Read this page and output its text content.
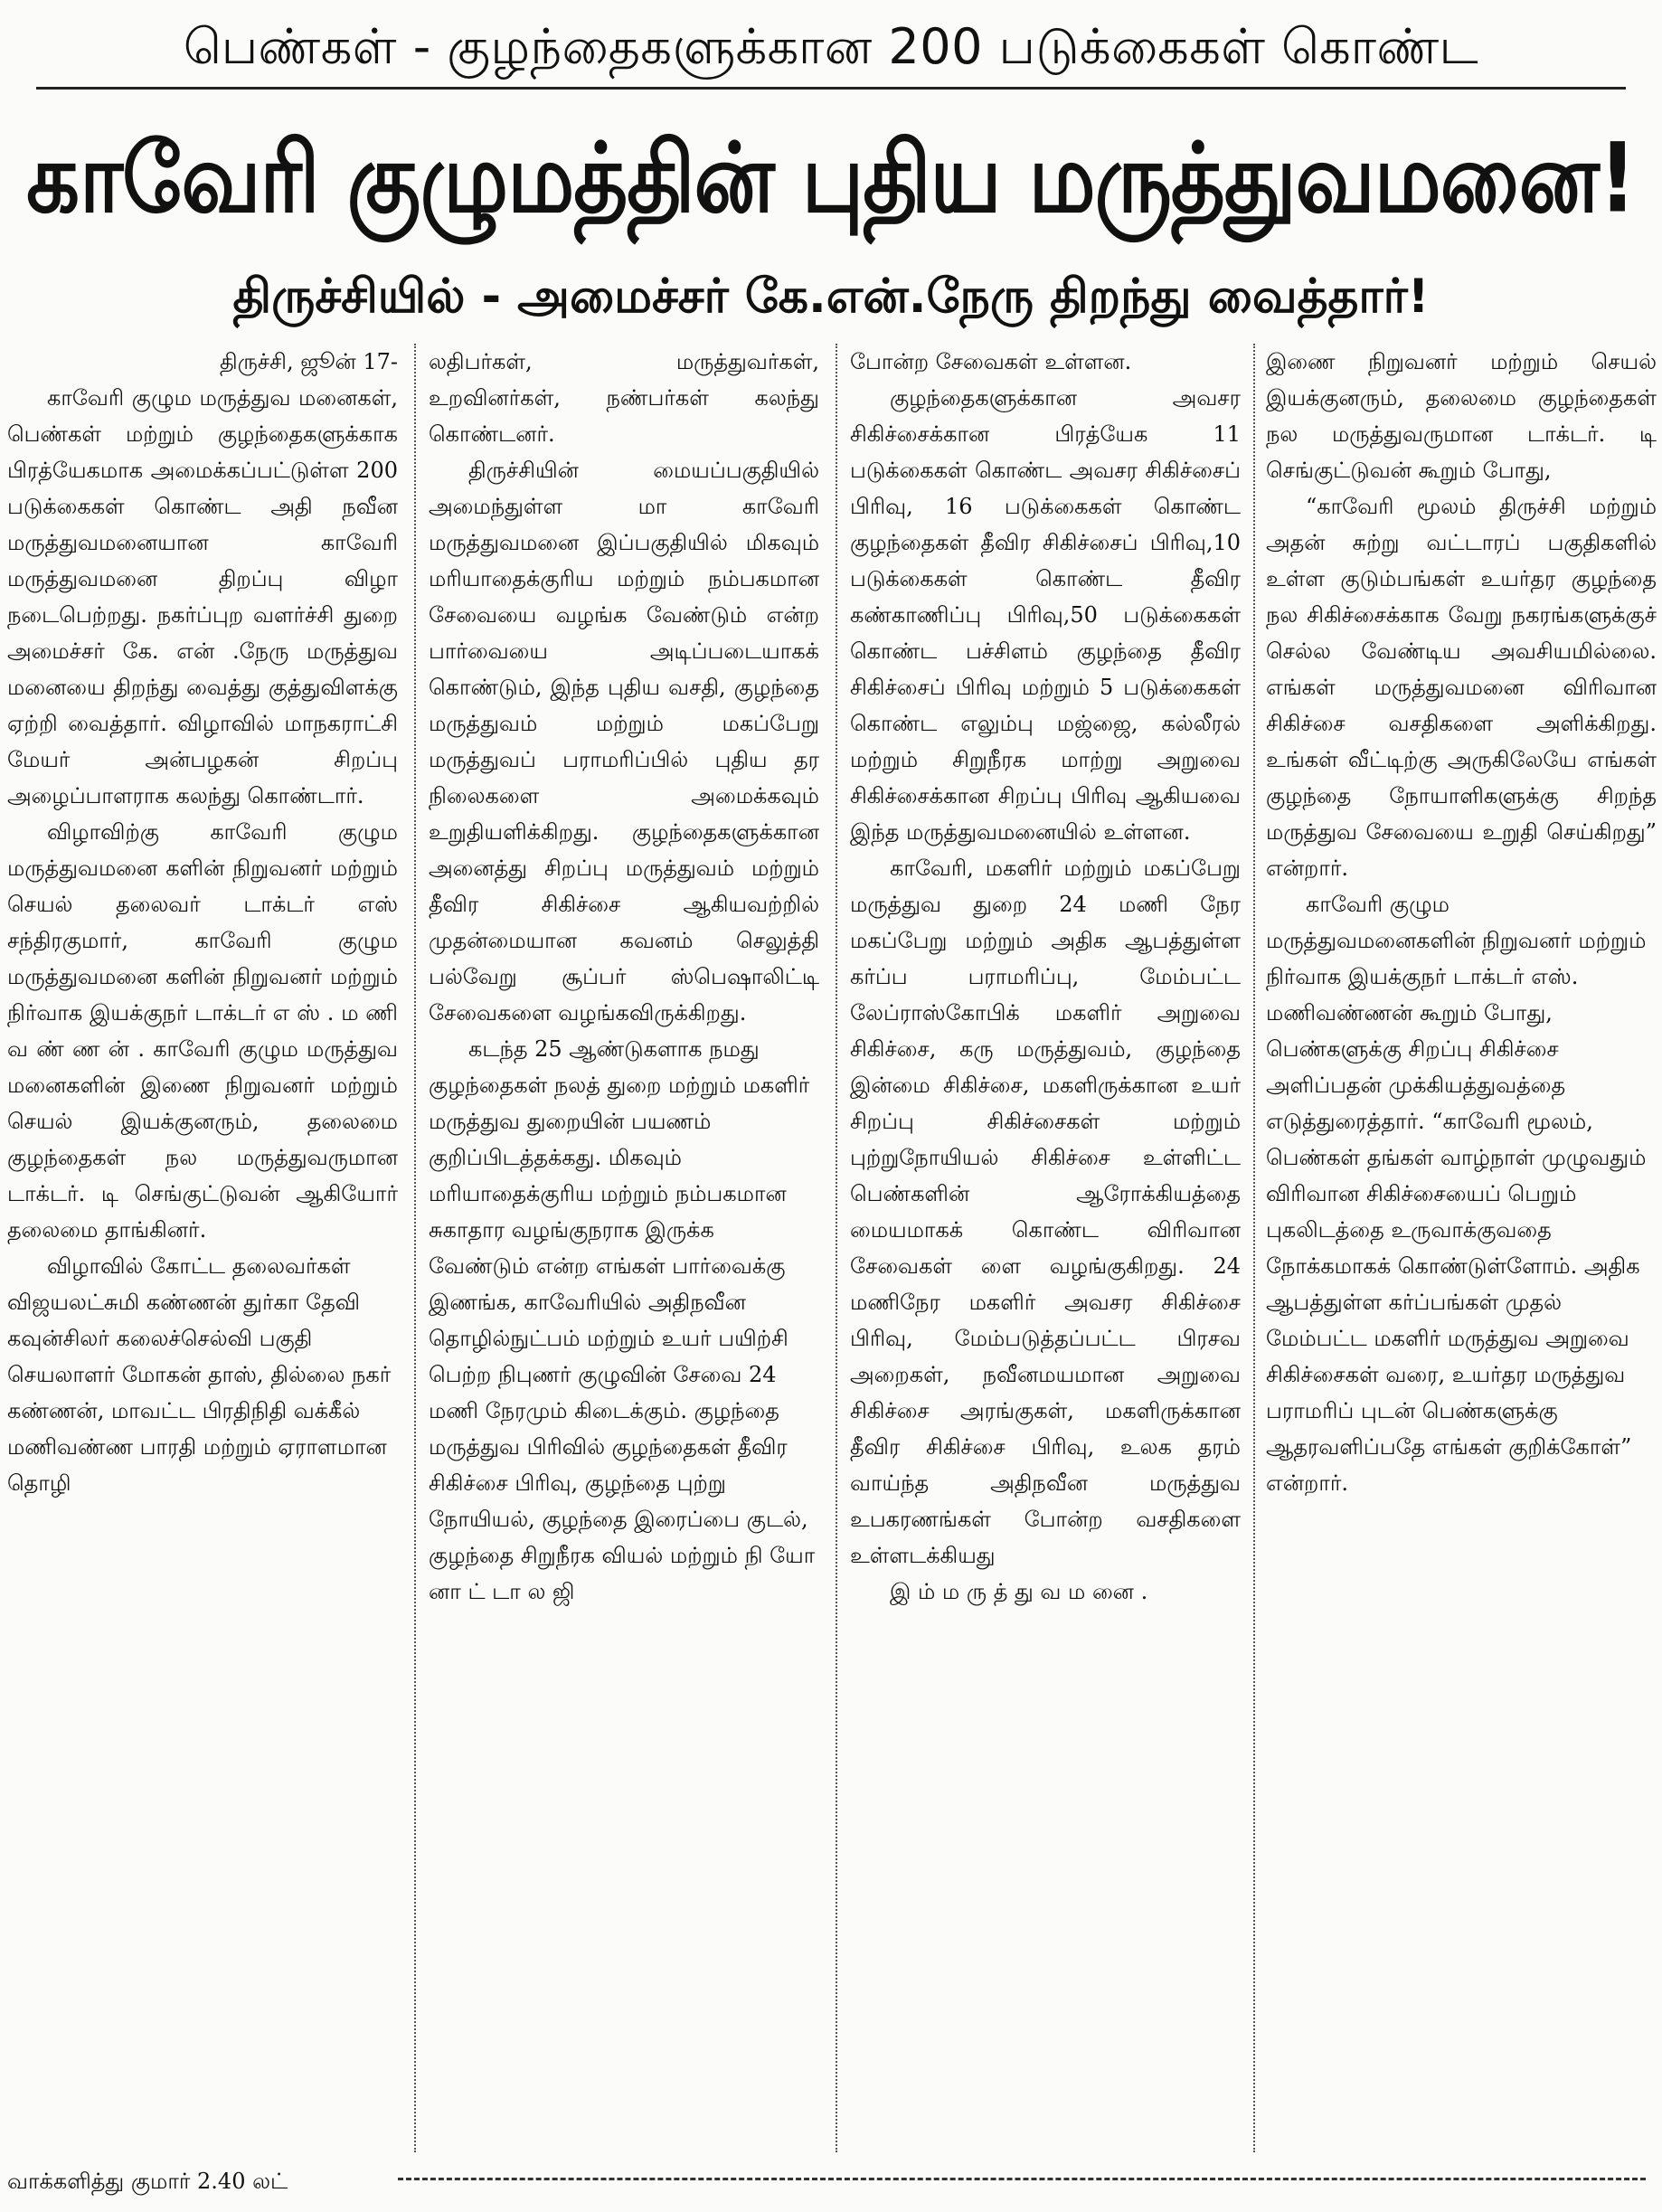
பெண்கள் - குழந்தைகளுக்கான 200 படுக்கைகள் கொண்ட
காவேரி குழுமத்தின் புதிய மருத்துவமனை!
திருச்சியில் - அமைச்சர் கே.என்.நேரு திறந்து வைத்தார்!

திருச்சி, ஜூன் 17-

காவேரி குழும மருத்துவ மனைகள், பெண்கள் மற்றும் குழந்தைகளுக்காக பிரத்யேகமாக அமைக்கப்பட்டுள்ள 200 படுக்கைகள் கொண்ட அதி நவீன மருத்துவமனையான காவேரி மருத்துவமனை திறப்பு விழா நடைபெற்றது. நகர்ப்புற வளர்ச்சி துறை அமைச்சர் கே. என் .நேரு மருத்துவ மனையை திறந்து வைத்து குத்துவிளக்கு ஏற்றி வைத்தார். விழாவில் மாநகராட்சி மேயர் அன்பழகன் சிறப்பு அழைப்பாளராக கலந்து கொண்டார்.

விழாவிற்கு காவேரி குழும மருத்துவமனை களின் நிறுவனர் மற்றும் செயல் தலைவர் டாக்டர் எஸ் சந்திரகுமார், காவேரி குழும மருத்துவமனை களின் நிறுவனர் மற்றும் நிர்வாக இயக்குநர் டாக்டர் எ ஸ் . ம ணி வ ண் ண ன் . காவேரி குழும மருத்துவ மனைகளின் இணை நிறுவனர் மற்றும் செயல் இயக்குனரும், தலைமை குழந்தைகள் நல மருத்துவருமான டாக்டர். டி செங்குட்டுவன் ஆகியோர் தலைமை தாங்கினர்.

விழாவில் கோட்ட தலைவர்கள் விஜயலட்சுமி கண்ணன் துர்கா தேவி கவுன்சிலர் கலைச்செல்வி பகுதி செயலாளர் மோகன் தாஸ், தில்லை நகர் கண்ணன், மாவட்ட பிரதிநிதி வக்கீல் மணிவண்ண பாரதி மற்றும் ஏராளமான தொழி

லதிபர்கள், மருத்துவர்கள், உறவினர்கள், நண்பர்கள் கலந்து கொண்டனர்.

திருச்சியின் மையப்பகுதியில் அமைந்துள்ள மா காவேரி மருத்துவமனை இப்பகுதியில் மிகவும் மரியாதைக்குரிய மற்றும் நம்பகமான சேவையை வழங்க வேண்டும் என்ற பார்வையை அடிப்படையாகக் கொண்டும், இந்த புதிய வசதி, குழந்தை மருத்துவம் மற்றும் மகப்பேறு மருத்துவப் பராமரிப்பில் புதிய தர நிலைகளை அமைக்கவும் உறுதியளிக்கிறது. குழந்தைகளுக்கான அனைத்து சிறப்பு மருத்துவம் மற்றும் தீவிர சிகிச்சை ஆகியவற்றில் முதன்மையான கவனம் செலுத்தி பல்வேறு சூப்பர் ஸ்பெஷாலிட்டி சேவைகளை வழங்கவிருக்கிறது.

கடந்த 25 ஆண்டுகளாக நமது குழந்தைகள் நலத் துறை மற்றும் மகளிர் மருத்துவ துறையின் பயணம் குறிப்பிடத்தக்கது. மிகவும் மரியாதைக்குரிய மற்றும் நம்பகமான சுகாதார வழங்குநராக இருக்க வேண்டும் என்ற எங்கள் பார்வைக்கு இணங்க, காவேரியில் அதிநவீன தொழில்நுட்பம் மற்றும் உயர் பயிற்சி பெற்ற நிபுணர் குழுவின் சேவை 24 மணி நேரமும் கிடைக்கும். குழந்தை மருத்துவ பிரிவில் குழந்தைகள் தீவிர சிகிச்சை பிரிவு, குழந்தை புற்று நோயியல், குழந்தை இரைப்பை குடல், குழந்தை சிறுநீரக வியல் மற்றும் நி யோ னா ட் டா ல ஜி

போன்ற சேவைகள் உள்ளன.

குழந்தைகளுக்கான அவசர சிகிச்சைக்கான பிரத்யேக 11 படுக்கைகள் கொண்ட அவசர சிகிச்சைப் பிரிவு, 16 படுக்கைகள் கொண்ட குழந்தைகள் தீவிர சிகிச்சைப் பிரிவு,10 படுக்கைகள் கொண்ட தீவிர கண்காணிப்பு பிரிவு,50 படுக்கைகள் கொண்ட பச்சிளம் குழந்தை தீவிர சிகிச்சைப் பிரிவு மற்றும் 5 படுக்கைகள் கொண்ட எலும்பு மஜ்ஜை, கல்லீரல் மற்றும் சிறுநீரக மாற்று அறுவை சிகிச்சைக்கான சிறப்பு பிரிவு ஆகியவை இந்த மருத்துவமனையில் உள்ளன.

காவேரி, மகளிர் மற்றும் மகப்பேறு மருத்துவ துறை 24 மணி நேர மகப்பேறு மற்றும் அதிக ஆபத்துள்ள கர்ப்ப பராமரிப்பு, மேம்பட்ட லேப்ராஸ்கோபிக் மகளிர் அறுவை சிகிச்சை, கரு மருத்துவம், குழந்தை இன்மை சிகிச்சை, மகளிருக்கான உயர் சிறப்பு சிகிச்சைகள் மற்றும் புற்றுநோயியல் சிகிச்சை உள்ளிட்ட பெண்களின் ஆரோக்கியத்தை மையமாகக் கொண்ட விரிவான சேவைகள் ளை வழங்குகிறது. 24 மணிநேர மகளிர் அவசர சிகிச்சை பிரிவு, மேம்படுத்தப்பட்ட பிரசவ அறைகள், நவீனமயமான அறுவை சிகிச்சை அரங்குகள், மகளிருக்கான தீவிர சிகிச்சை பிரிவு, உலக தரம் வாய்ந்த அதிநவீன மருத்துவ உபகரணங்கள் போன்ற வசதிகளை உள்ளடக்கியது

இ ம் ம ரு த் து வ ம னை .

இணை நிறுவனர் மற்றும் செயல் இயக்குனரும், தலைமை குழந்தைகள் நல மருத்துவருமான டாக்டர். டி செங்குட்டுவன் கூறும் போது,

“காவேரி மூலம் திருச்சி மற்றும் அதன் சுற்று வட்டாரப் பகுதிகளில் உள்ள குடும்பங்கள் உயர்தர குழந்தை நல சிகிச்சைக்காக வேறு நகரங்களுக்குச் செல்ல வேண்டிய அவசியமில்லை. எங்கள் மருத்துவமனை விரிவான சிகிச்சை வசதிகளை அளிக்கிறது. உங்கள் வீட்டிற்கு அருகிலேயே எங்கள் குழந்தை நோயாளிகளுக்கு சிறந்த மருத்துவ சேவையை உறுதி செய்கிறது” என்றார்.

காவேரி குழும மருத்துவமனைகளின் நிறுவனர் மற்றும் நிர்வாக இயக்குநர் டாக்டர் எஸ். மணிவண்ணன் கூறும் போது, பெண்களுக்கு சிறப்பு சிகிச்சை அளிப்பதன் முக்கியத்துவத்தை எடுத்துரைத்தார். “காவேரி மூலம், பெண்கள் தங்கள் வாழ்நாள் முழுவதும் விரிவான சிகிச்சையைப் பெறும் புகலிடத்தை உருவாக்குவதை நோக்கமாகக் கொண்டுள்ளோம். அதிக ஆபத்துள்ள கர்ப்பங்கள் முதல் மேம்பட்ட மகளிர் மருத்துவ அறுவை சிகிச்சைகள் வரை, உயர்தர மருத்துவ பராமரிப் புடன் பெண்களுக்கு ஆதரவளிப்பதே எங்கள் குறிக்கோள்” என்றார்.

வாக்களித்து குமார் 2.40 லட்
